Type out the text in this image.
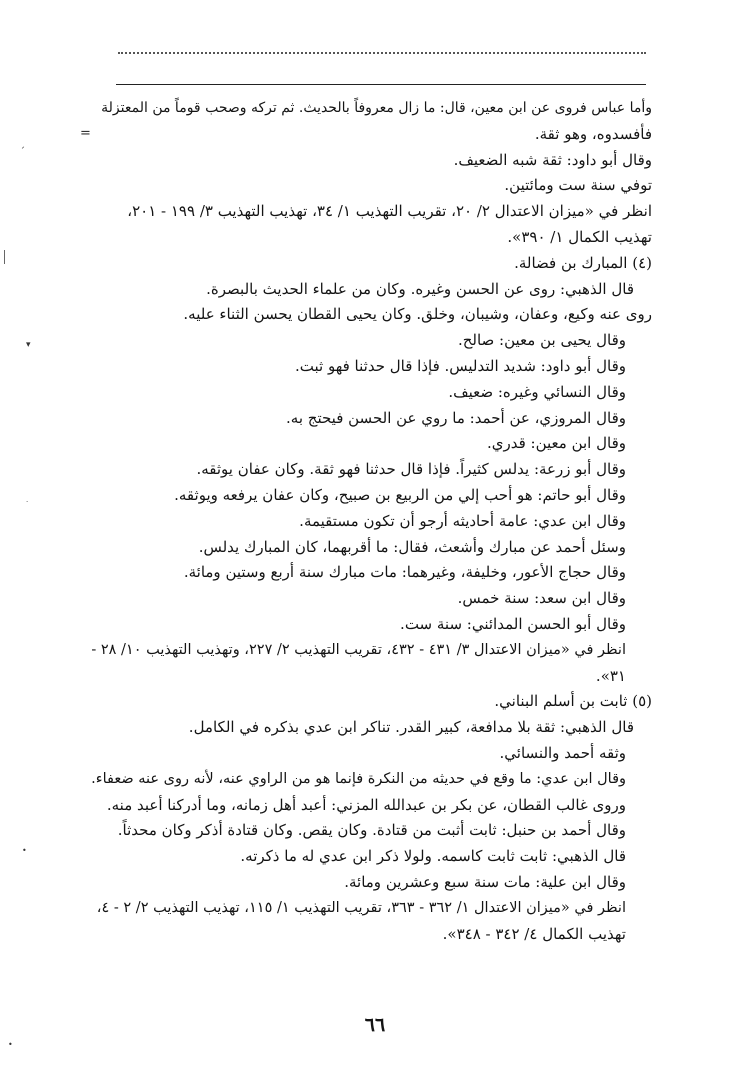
=
ˏ
▾
•
·
•
وأما عباس فروى عن ابن معين، قال: ما زال معروفاً بالحديث. ثم تركه وصحب قوماً من المعتزلة
فأفسدوه، وهو ثقة.
وقال أبو داود: ثقة شبه الضعيف.
توفي سنة ست ومائتين.
انظر في «ميزان الاعتدال ٢/ ٢٠، تقريب التهذيب ١/ ٣٤، تهذيب التهذيب ٣/ ١٩٩ - ٢٠١،
تهذيب الكمال ١/ ٣٩٠».
(٤) المبارك بن فضالة.
قال الذهبي: روى عن الحسن وغيره. وكان من علماء الحديث بالبصرة.
روى عنه وكيع، وعفان، وشيبان، وخلق. وكان يحيى القطان يحسن الثناء عليه.
وقال يحيى بن معين: صالح.
وقال أبو داود: شديد التدليس. فإذا قال حدثنا فهو ثبت.
وقال النسائي وغيره: ضعيف.
وقال المروزي، عن أحمد: ما روي عن الحسن فيحتج به.
وقال ابن معين: قدري.
وقال أبو زرعة: يدلس كثيراً. فإذا قال حدثنا فهو ثقة. وكان عفان يوثقه.
وقال أبو حاتم: هو أحب إلي من الربيع بن صبيح، وكان عفان يرفعه ويوثقه.
وقال ابن عدي: عامة أحاديثه أرجو أن تكون مستقيمة.
وسئل أحمد عن مبارك وأشعث، فقال: ما أقربهما، كان المبارك يدلس.
وقال حجاج الأعور، وخليفة، وغيرهما: مات مبارك سنة أربع وستين ومائة.
وقال ابن سعد: سنة خمس.
وقال أبو الحسن المدائني: سنة ست.
انظر في «ميزان الاعتدال ٣/ ٤٣١ - ٤٣٢، تقريب التهذيب ٢/ ٢٢٧، وتهذيب التهذيب ١٠/ ٢٨ -
٣١».
(٥) ثابت بن أسلم البناني.
قال الذهبي: ثقة بلا مدافعة، كبير القدر. تناكر ابن عدي بذكره في الكامل.
وثقه أحمد والنسائي.
وقال ابن عدي: ما وقع في حديثه من النكرة فإنما هو من الراوي عنه، لأنه روى عنه ضعفاء.
وروى غالب القطان، عن بكر بن عبدالله المزني: أعبد أهل زمانه، وما أدركنا أعبد منه.
وقال أحمد بن حنبل: ثابت أثبت من قتادة. وكان يقص. وكان قتادة أذكر وكان محدثاً.
قال الذهبي: ثابت ثابت كاسمه. ولولا ذكر ابن عدي له ما ذكرته.
وقال ابن علية: مات سنة سبع وعشرين ومائة.
انظر في «ميزان الاعتدال ١/ ٣٦٢ - ٣٦٣، تقريب التهذيب ١/ ١١٥، تهذيب التهذيب ٢/ ٢ - ٤،
تهذيب الكمال ٤/ ٣٤٢ - ٣٤٨».
٦٦
